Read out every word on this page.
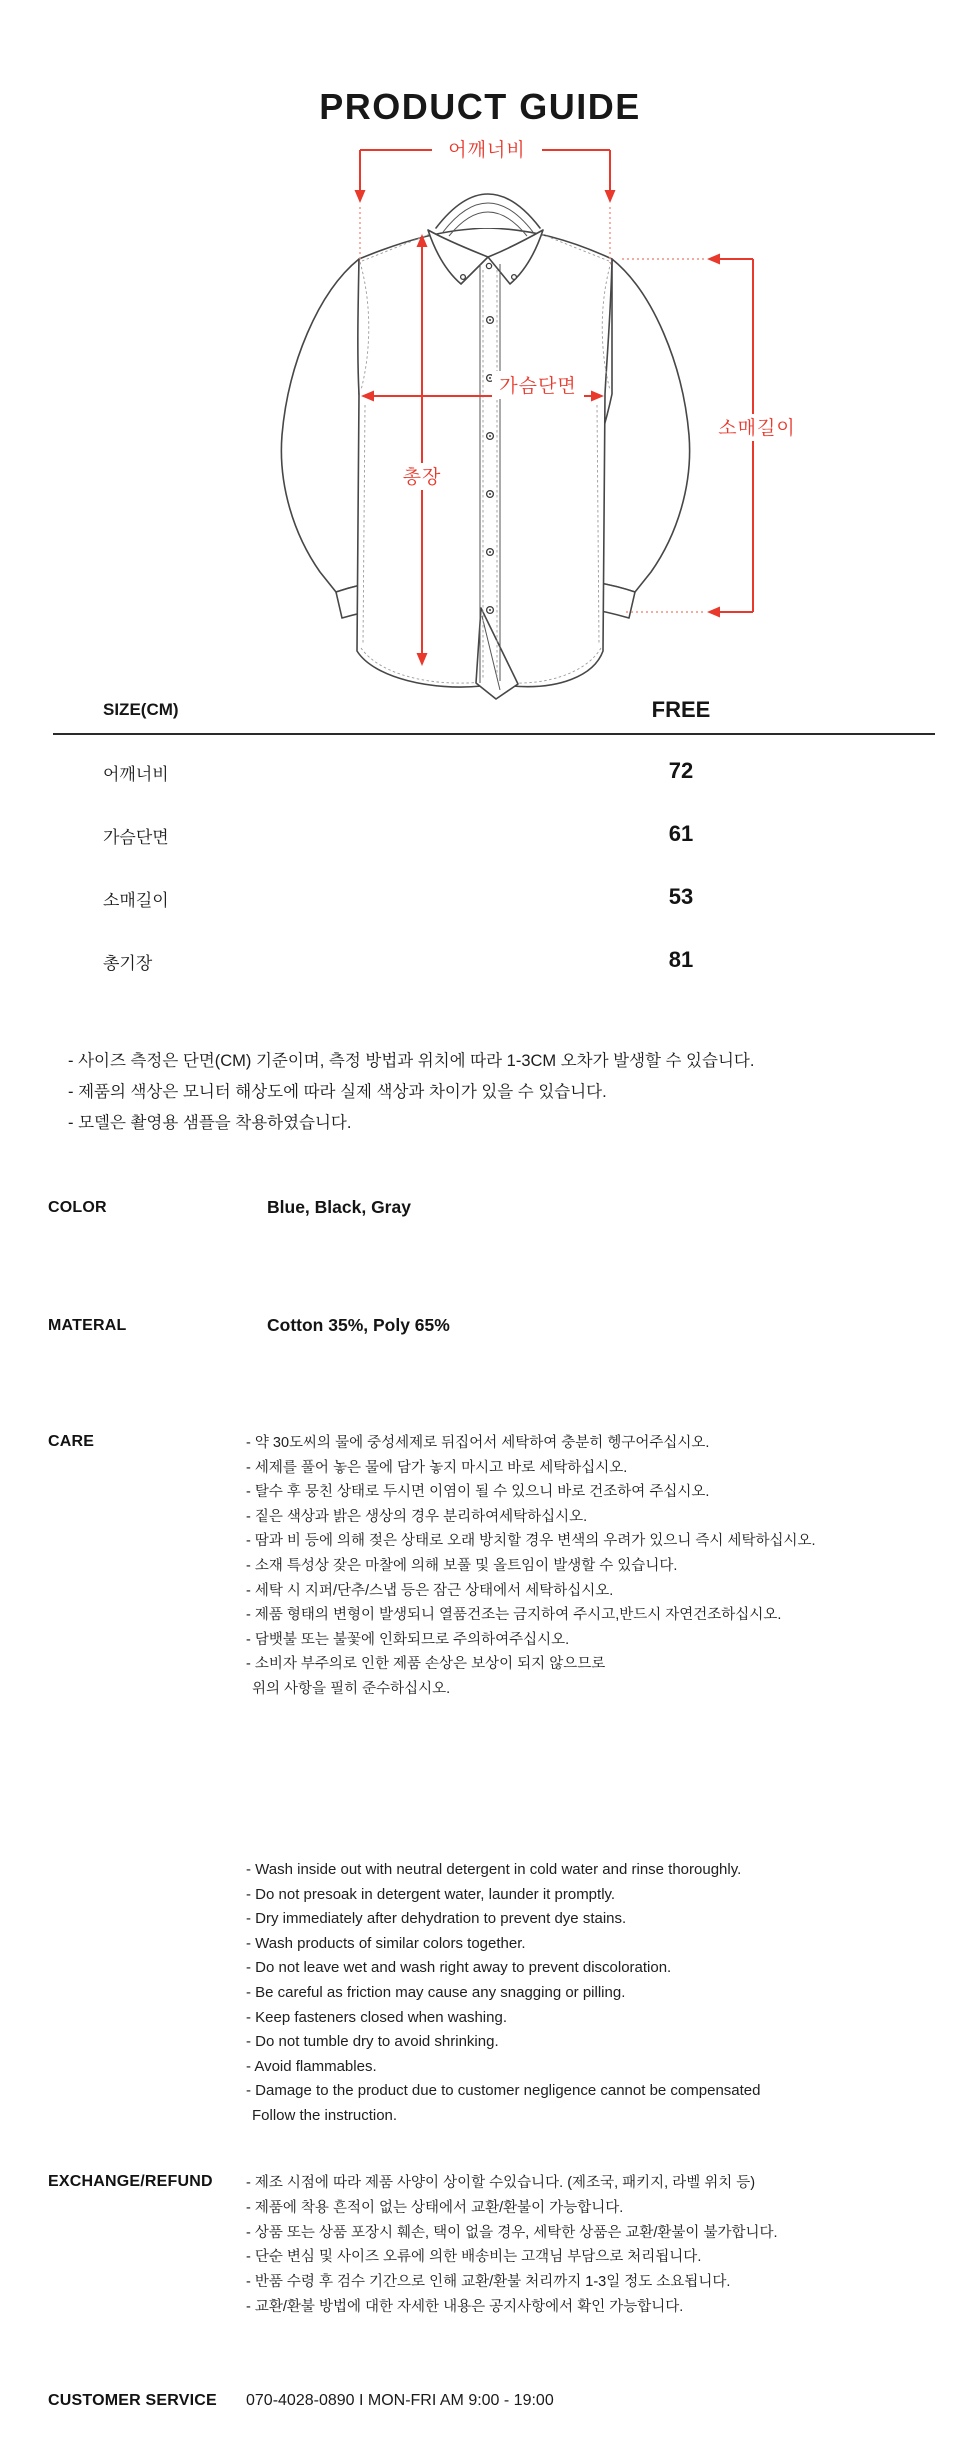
PRODUCT GUIDE
어깨너비
총장
가슴단면
소매길이
SIZE(CM)	FREE
어깨너비	72
가슴단면	61
소매길이	53
총기장	81
- 사이즈 측정은 단면(CM) 기준이며, 측정 방법과 위치에 따라 1-3CM 오차가 발생할 수 있습니다.
- 제품의 색상은 모니터 해상도에 따라 실제 색상과 차이가 있을 수 있습니다.
- 모델은 촬영용 샘플을 착용하였습니다.
COLOR	Blue, Black, Gray
MATERAL	Cotton 35%, Poly 65%
CARE	- 약 30도씨의 물에 중성세제로 뒤집어서 세탁하여 충분히 헹구어주십시오.
- 세제를 풀어 놓은 물에 담가 놓지 마시고 바로 세탁하십시오.
- 탈수 후 뭉친 상태로 두시면 이염이 될 수 있으니 바로 건조하여 주십시오.
- 짙은 색상과 밝은 생상의 경우 분리하여세탁하십시오.
- 땀과 비 등에 의해 젖은 상태로 오래 방치할 경우 변색의 우려가 있으니 즉시 세탁하십시오.
- 소재 특성상 잦은 마찰에 의해 보풀 및 올트임이 발생할 수 있습니다.
- 세탁 시 지퍼/단추/스냅 등은 잠근 상태에서 세탁하십시오.
- 제품 형태의 변형이 발생되니 열품건조는 금지하여 주시고,반드시 자연건조하십시오.
- 담뱃불 또는 불꽃에 인화되므로 주의하여주십시오.
- 소비자 부주의로 인한 제품 손상은 보상이 되지 않으므로
위의 사항을 필히 준수하십시오.
- Wash inside out with neutral detergent in cold water and rinse thoroughly.
- Do not presoak in detergent water, launder it promptly.
- Dry immediately after dehydration to prevent dye stains.
- Wash products of similar colors together.
- Do not leave wet and wash right away to prevent discoloration.
- Be careful as friction may cause any snagging or pilling.
- Keep fasteners closed when washing.
- Do not tumble dry to avoid shrinking.
- Avoid flammables.
- Damage to the product due to customer negligence cannot be compensated
Follow the instruction.
EXCHANGE/REFUND - 제조 시점에 따라 제품 사양이 상이할 수있습니다. (제조국, 패키지, 라벨 위치 등)
- 제품에 착용 흔적이 없는 상태에서 교환/환불이 가능합니다.
- 상품 또는 상품 포장시 훼손, 택이 없을 경우, 세탁한 상품은 교환/환불이 불가합니다.
- 단순 변심 및 사이즈 오류에 의한 배송비는 고객님 부담으로 처리됩니다.
- 반품 수령 후 검수 기간으로 인해 교환/환불 처리까지 1-3일 정도 소요됩니다.
- 교환/환불 방법에 대한 자세한 내용은 공지사항에서 확인 가능합니다.
CUSTOMER SERVICE 070-4028-0890 I MON-FRI AM 9:00 - 19:00
